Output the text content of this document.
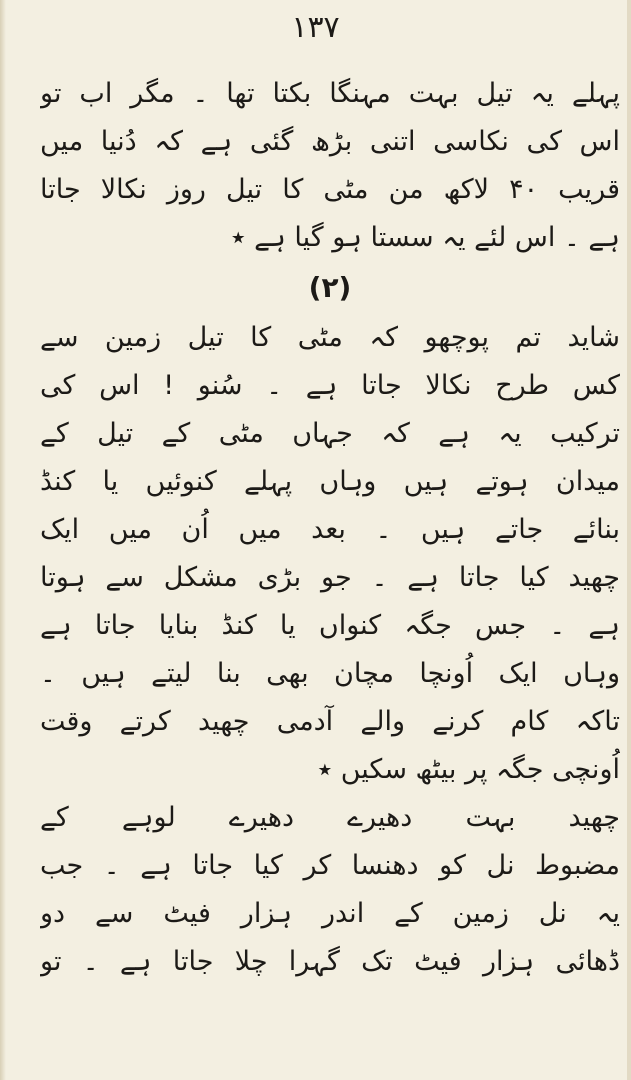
۱۳۷
پہلے یہ تیل بہت مہنگا بکتا تھا ۔ مگر اب تو
اس کی نکاسی اتنی بڑھ گئی ہے کہ دُنیا میں
قریب ۴۰ لاکھ من مٹی کا تیل روز نکالا جاتا
ہے ۔ اس لئے یہ سستا ہو گیا ہے ٭
(۲)
شاید تم پوچھو کہ مٹی کا تیل زمین سے
کس طرح نکالا جاتا ہے ۔ سُنو ! اس کی
ترکیب یہ ہے کہ جہاں مٹی کے تیل کے
میدان ہوتے ہیں وہاں پہلے کنوئیں یا کنڈ
بنائے جاتے ہیں ۔ بعد میں اُن میں ایک
چھید کیا جاتا ہے ۔ جو بڑی مشکل سے ہوتا
ہے ۔ جس جگہ کنواں یا کنڈ بنایا جاتا ہے
وہاں ایک اُونچا مچان بھی بنا لیتے ہیں ۔
تاکہ کام کرنے والے آدمی چھید کرتے وقت
اُونچی جگہ پر بیٹھ سکیں ٭
چھید بہت دھیرے دھیرے لوہے کے
مضبوط نل کو دھنسا کر کیا جاتا ہے ۔ جب
یہ نل زمین کے اندر ہزار فیٹ سے دو
ڈھائی ہزار فیٹ تک گہرا چلا جاتا ہے ۔ تو
